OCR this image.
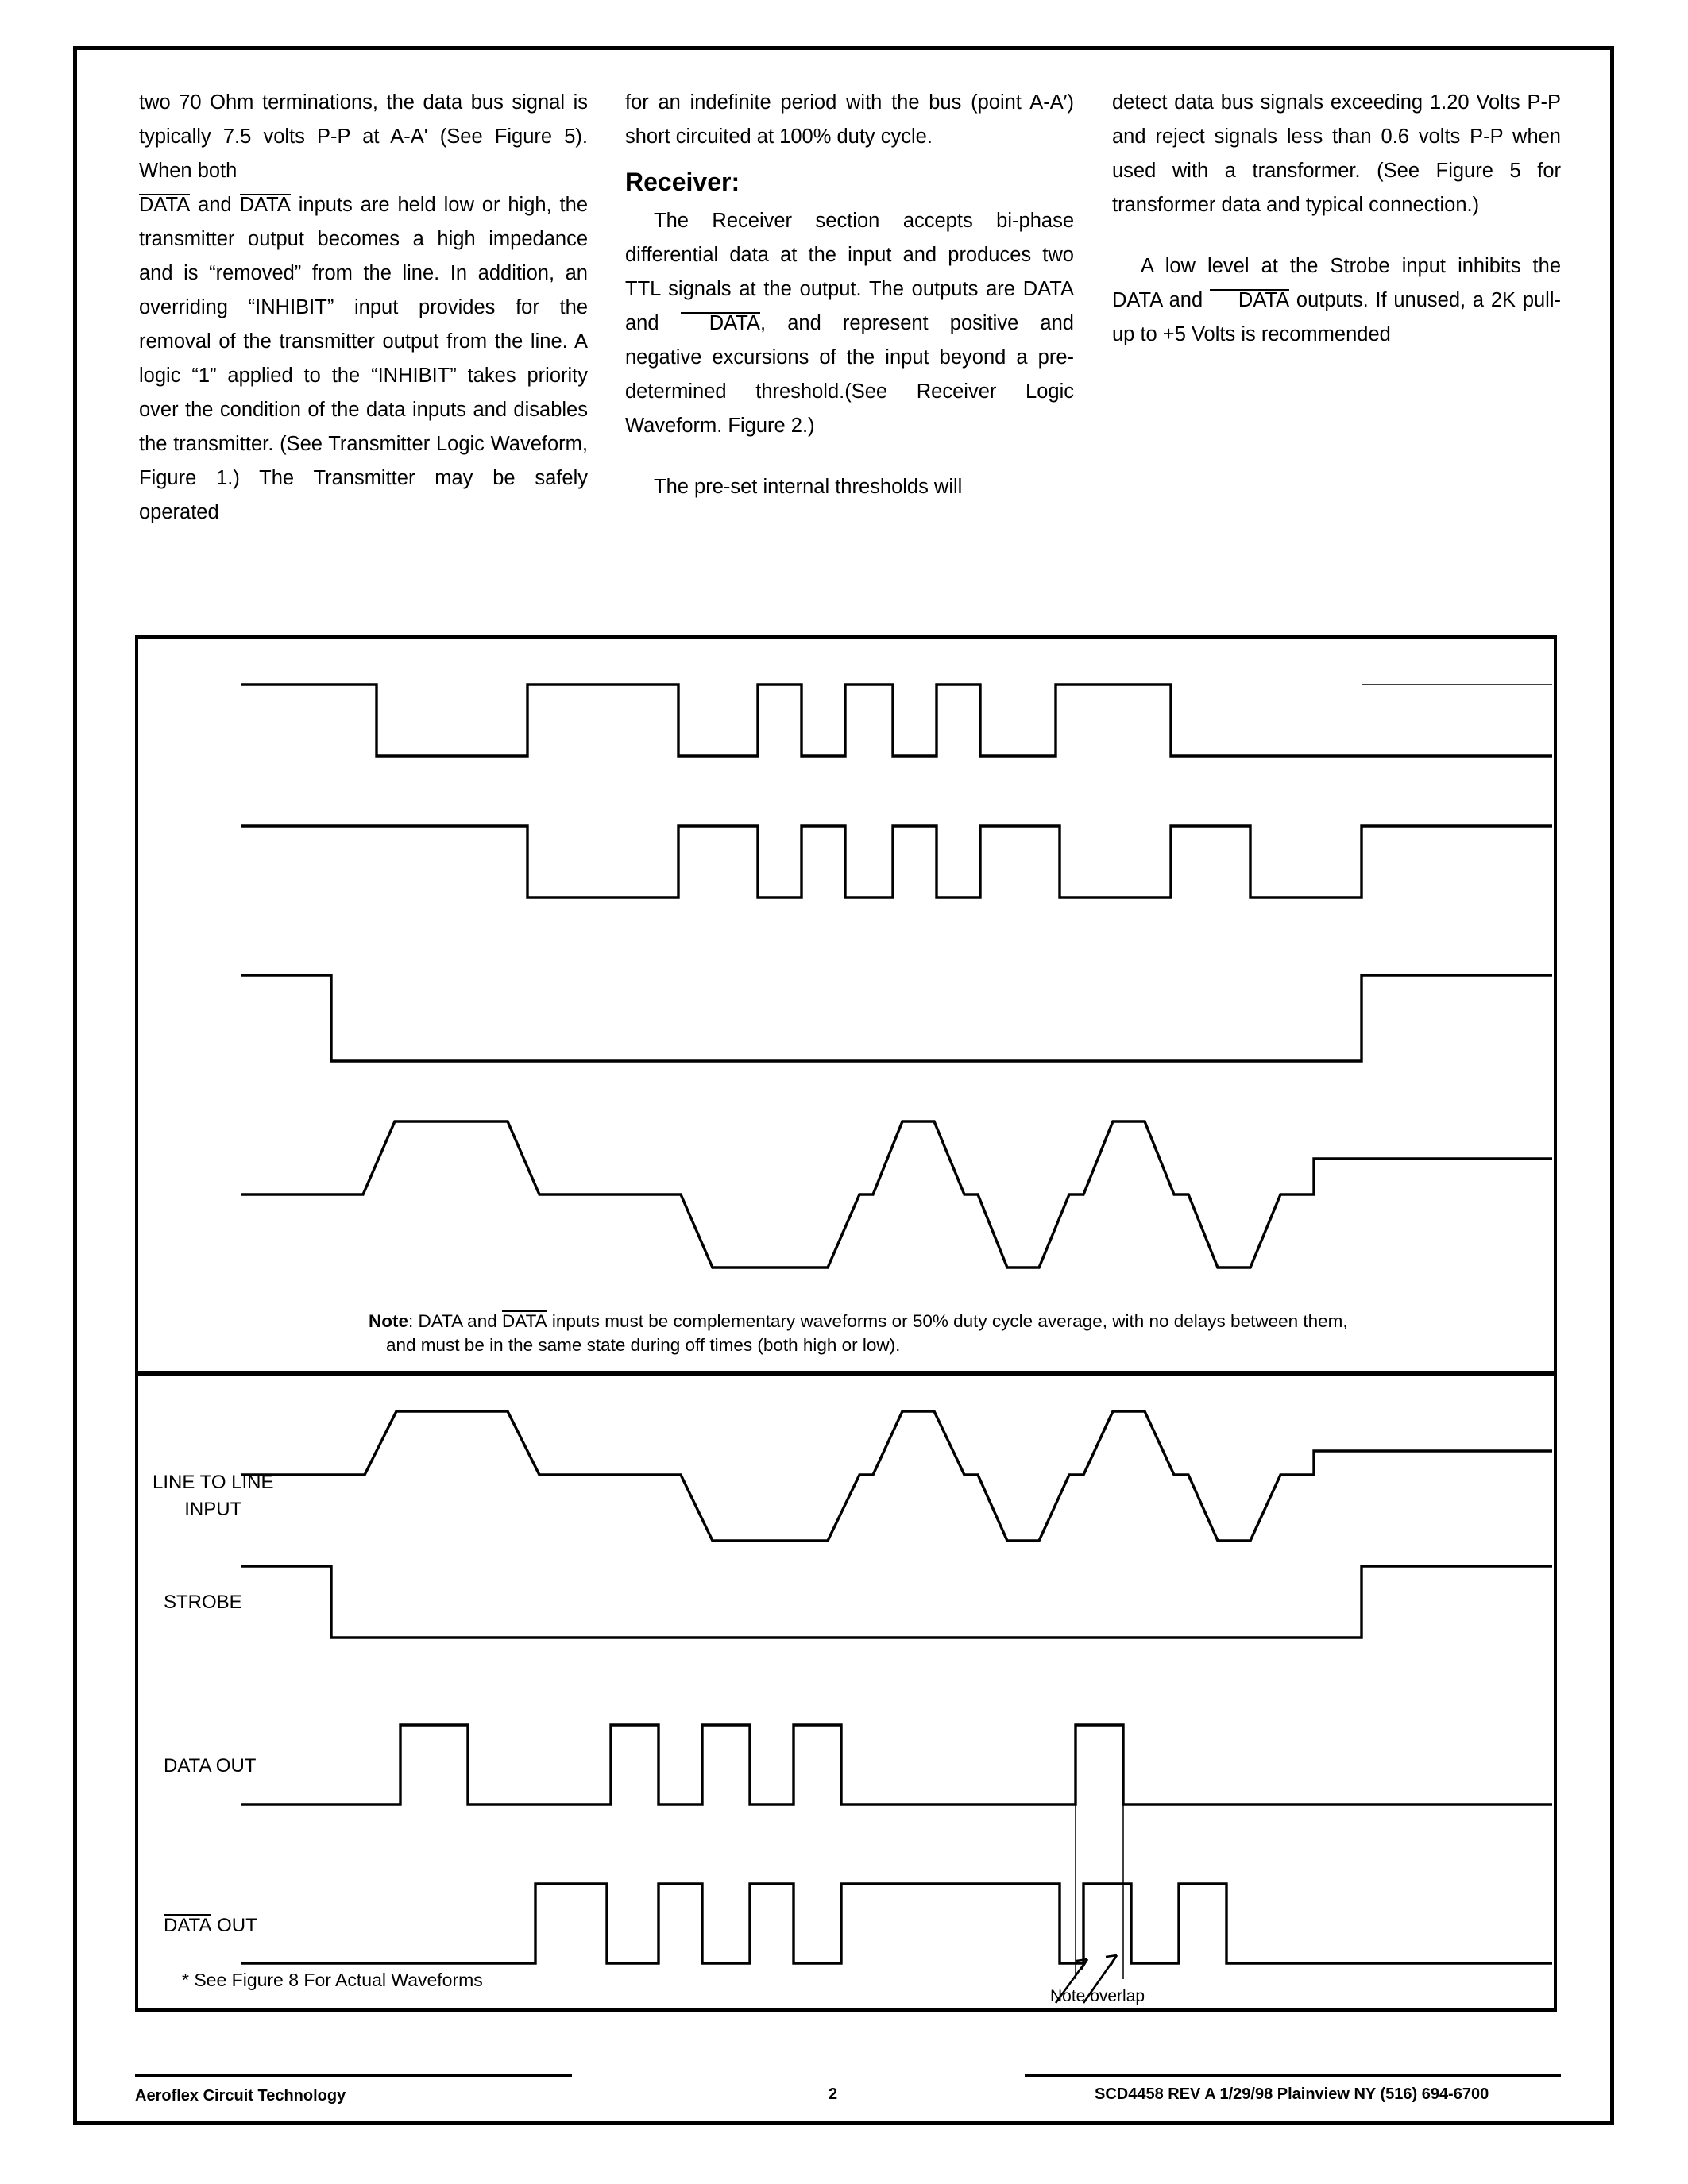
two 70 Ohm terminations, the data bus signal is typically 7.5 volts P-P at A-A' (See Figure 5). When both
DATA and DATA inputs are held low or high, the transmitter output becomes a high impedance and is “removed” from the line. In addition, an overriding “INHIBIT” input provides for the removal of the transmitter output from the line. A logic “1” applied to the “INHIBIT” takes priority over the condition of the data inputs and disables the transmitter. (See Transmitter Logic Waveform, Figure 1.) The Transmitter may be safely operated

for an indefinite period with the bus (point A-A′) short circuited at 100% duty cycle.

Receiver:

The Receiver section accepts bi-phase differential data at the input and produces two TTL signals at the output. The outputs are DATA and DATA, and represent positive and negative excursions of the input beyond a pre-determined threshold.(See Receiver Logic Waveform. Figure 2.)

The pre-set internal thresholds will

detect data bus signals exceeding 1.20 Volts P-P and reject signals less than 0.6 volts P-P when used with a transformer. (See Figure 5 for transformer data and typical connection.)

A low level at the Strobe input inhibits the DATA and DATA outputs. If unused, a 2K pull-up to +5 Volts is recommended

Note: DATA and DATA inputs must be complementary waveforms or 50% duty cycle average, with no delays between them,
and must be in the same state during off times (both high or low).
LINE TO LINE
INPUT
STROBE
DATA OUT
DATA OUT
Note overlap
* See Figure 8 For Actual Waveforms
Aeroflex Circuit Technology	2	SCD4458 REV A 1/29/98 Plainview NY (516) 694-6700
